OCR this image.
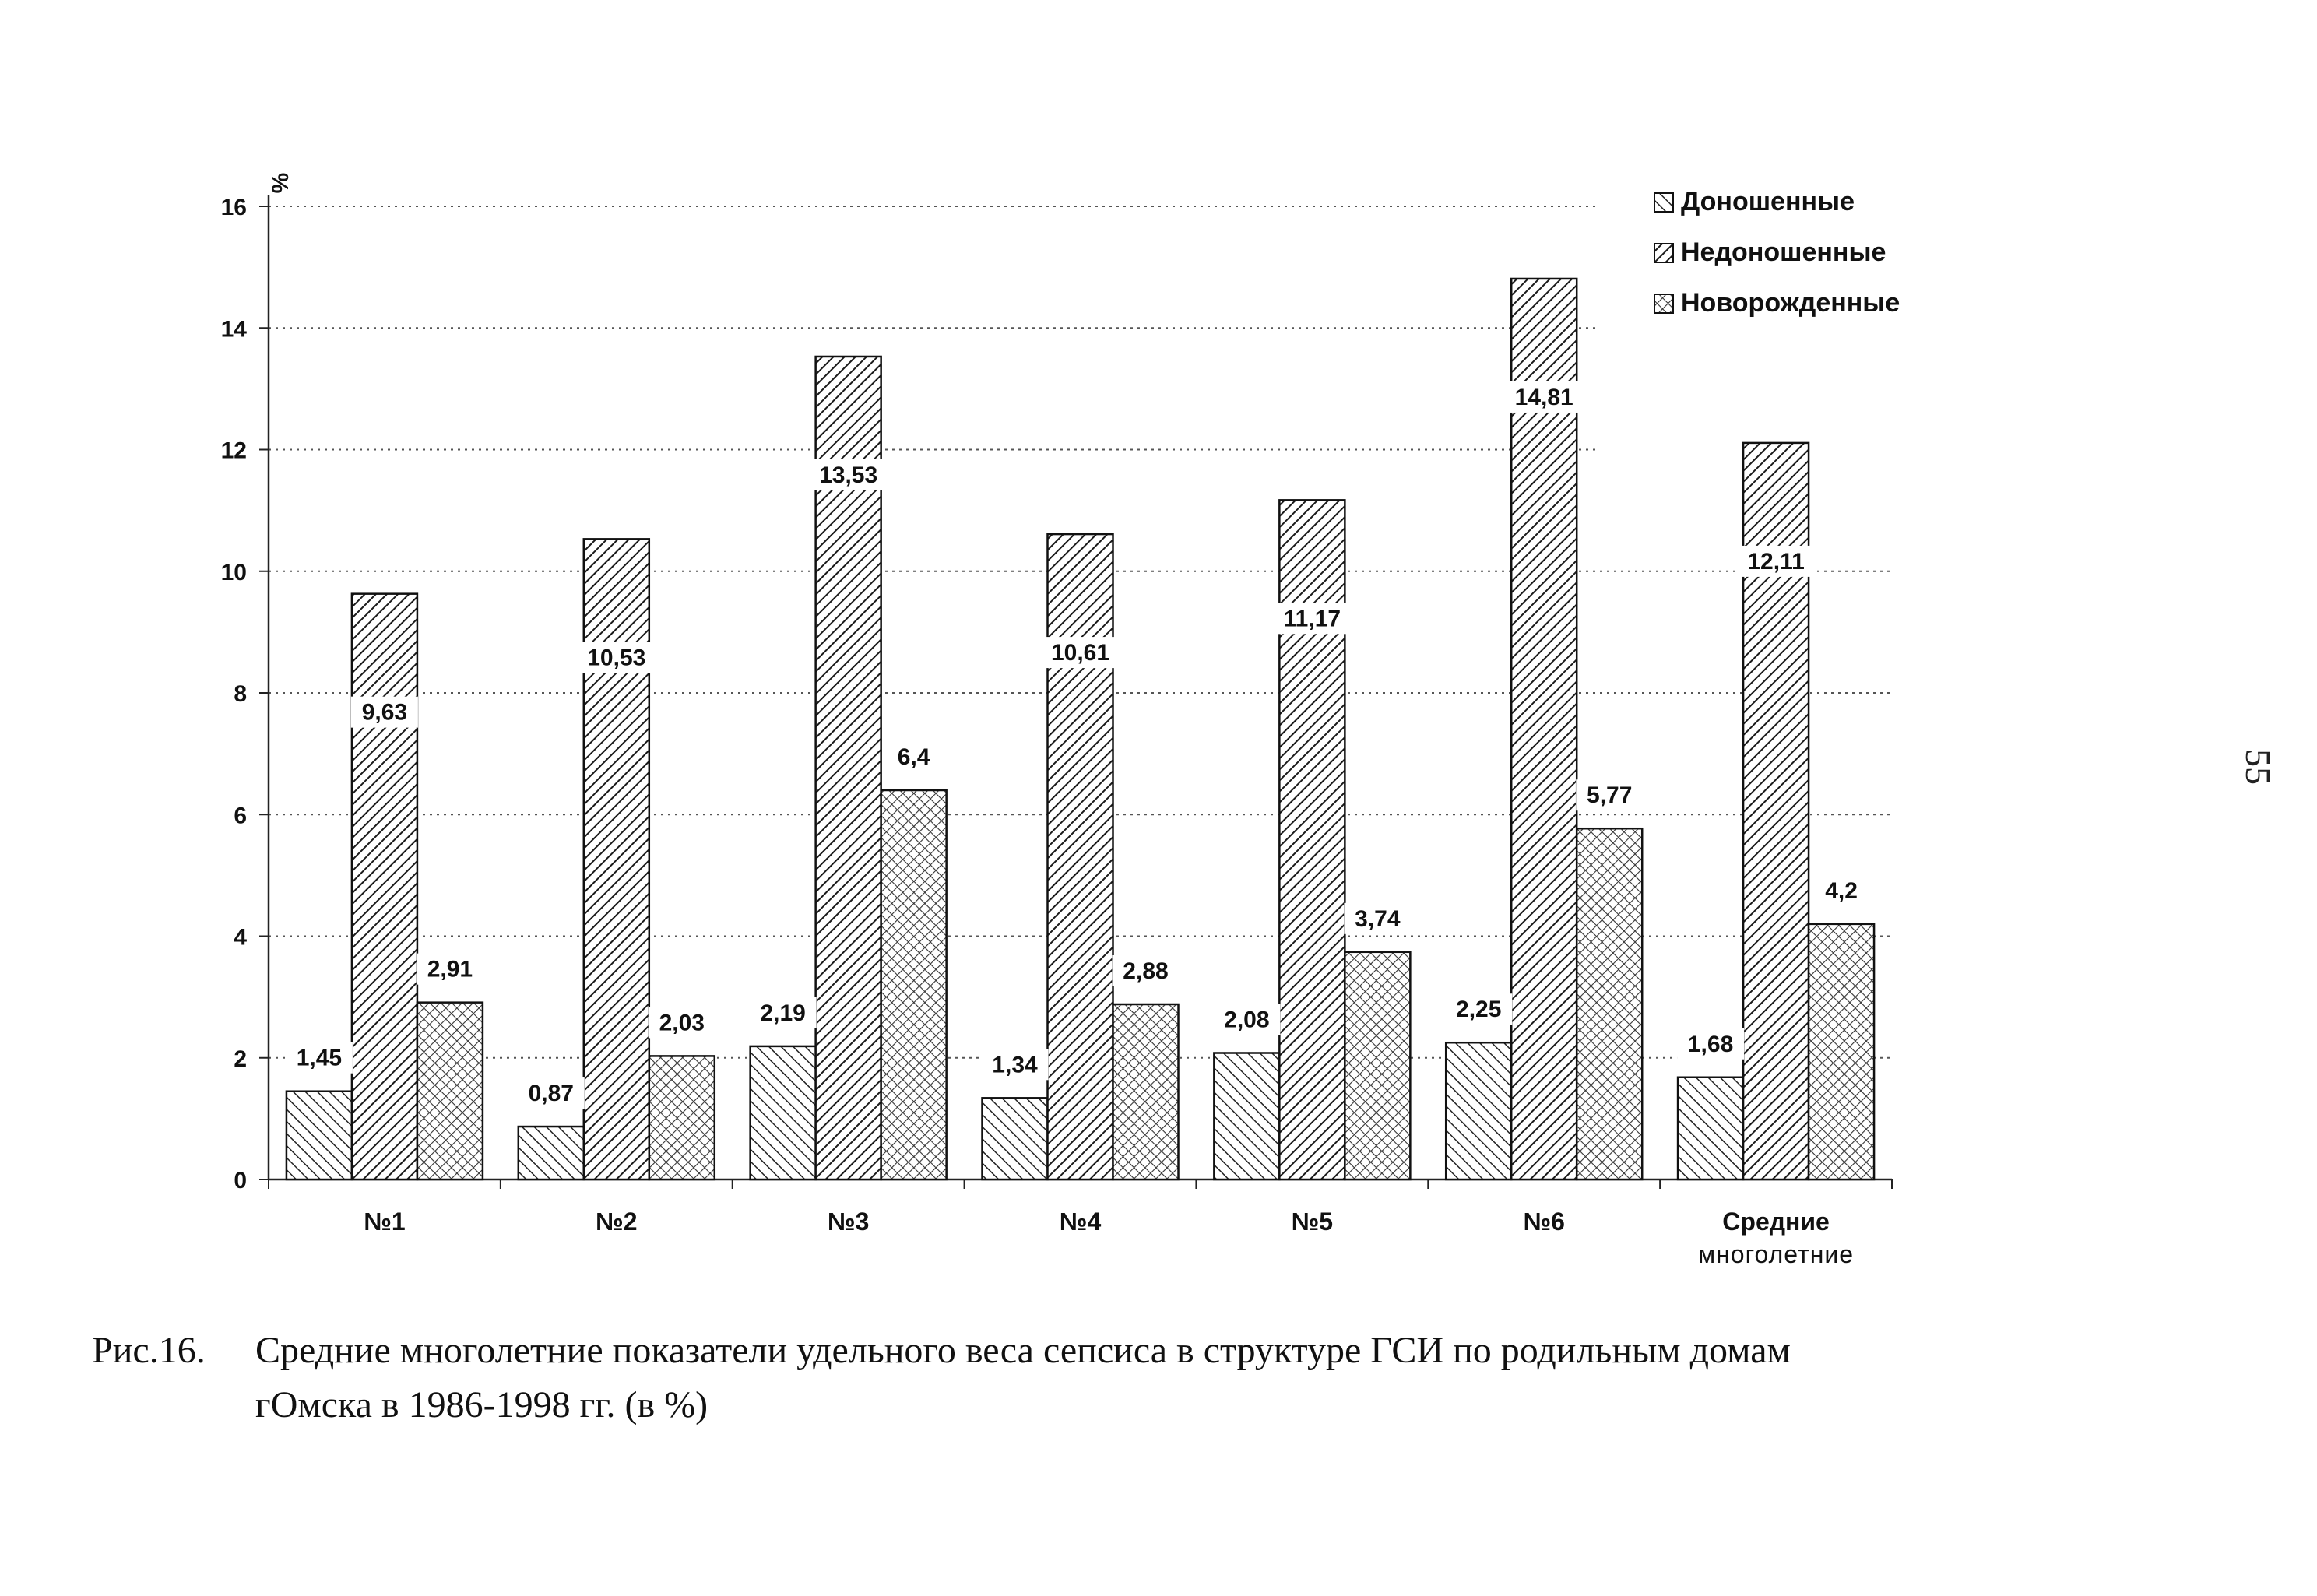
0
2
4
6
8
10
12
14
16
%
№1	№2	№3	№4	№5	№6	Средние
многолетние
1,45
9,63
2,91
0,87
10,53
2,03 2,19
13,53
6,4
1,34
10,61
2,88
2,08
11,17
3,74
2,25
14,81
5,77
1,68
12,11
4,2
Доношенные
Недоношенные
Новорожденные
Рис.16. Средние многолетние показатели удельного веса сепсиса в структуре ГСИ по родильным домам
гОмска в 1986-1998 гг. (в %)
55
